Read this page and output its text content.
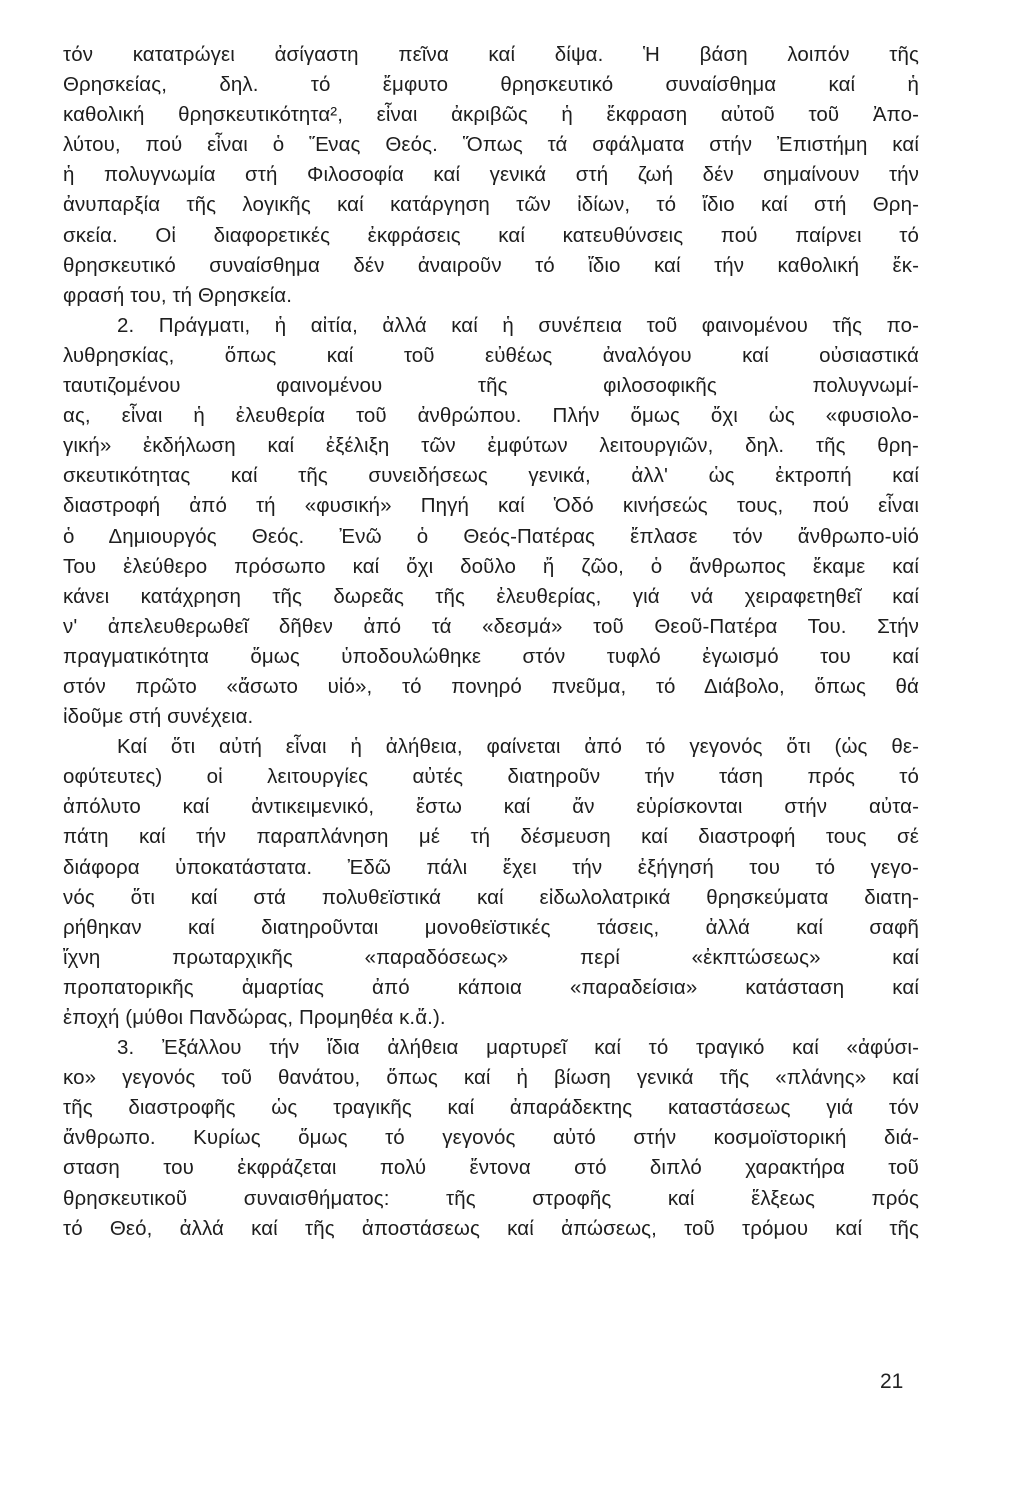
τόν κατατρώγει ἀσίγαστη πεῖνα καί δίψα. Ἡ βάση λοιπόν τῆς
Θρησκείας, δηλ. τό ἔμφυτο θρησκευτικό συναίσθημα καί ἡ
καθολική θρησκευτικότητα², εἶναι ἀκριβῶς ἡ ἔκφραση αὐτοῦ τοῦ Ἀπο-
λύτου, πού εἶναι ὁ Ἕνας Θεός. Ὅπως τά σφάλματα στήν Ἐπιστήμη καί
ἡ πολυγνωμία στή Φιλοσοφία καί γενικά στή ζωή δέν σημαίνουν τήν
ἀνυπαρξία τῆς λογικῆς καί κατάργηση τῶν ἰδίων, τό ἴδιο καί στή Θρη-
σκεία. Οἱ διαφορετικές ἐκφράσεις καί κατευθύνσεις πού παίρνει τό
θρησκευτικό συναίσθημα δέν ἀναιροῦν τό ἴδιο καί τήν καθολική ἔκ-
φρασή του, τή Θρησκεία.
2. Πράγματι, ἡ αἰτία, ἀλλά καί ἡ συνέπεια τοῦ φαινομένου τῆς πο-
λυθρησκίας, ὅπως καί τοῦ εὐθέως ἀναλόγου καί οὐσιαστικά
ταυτιζομένου φαινομένου τῆς φιλοσοφικῆς πολυγνωμί-
ας, εἶναι ἡ ἐλευθερία τοῦ ἀνθρώπου. Πλήν ὅμως ὄχι ὡς «φυσιολο-
γική» ἐκδήλωση καί ἐξέλιξη τῶν ἐμφύτων λειτουργιῶν, δηλ. τῆς θρη-
σκευτικότητας καί τῆς συνειδήσεως γενικά, ἀλλ' ὡς ἐκτροπή καί
διαστροφή ἀπό τή «φυσική» Πηγή καί Ὁδό κινήσεώς τους, πού εἶναι
ὁ Δημιουργός Θεός. Ἐνῶ ὁ Θεός-Πατέρας ἔπλασε τόν ἄνθρωπο-υἱό
Του ἐλεύθερο πρόσωπο καί ὄχι δοῦλο ἤ ζῶο, ὁ ἄνθρωπος ἔκαμε καί
κάνει κατάχρηση τῆς δωρεᾶς τῆς ἐλευθερίας, γιά νά χειραφετηθεῖ καί
ν' ἀπελευθερωθεῖ δῆθεν ἀπό τά «δεσμά» τοῦ Θεοῦ-Πατέρα Του. Στήν
πραγματικότητα ὅμως ὑποδουλώθηκε στόν τυφλό ἐγωισμό του καί
στόν πρῶτο «ἄσωτο υἱό», τό πονηρό πνεῦμα, τό Διάβολο, ὅπως θά
ἰδοῦμε στή συνέχεια.
Καί ὅτι αὐτή εἶναι ἡ ἀλήθεια, φαίνεται ἀπό τό γεγονός ὅτι (ὡς θε-
οφύτευτες) οἱ λειτουργίες αὐτές διατηροῦν τήν τάση πρός τό
ἀπόλυτο καί ἀντικειμενικό, ἔστω καί ἄν εὑρίσκονται στήν αὐτα-
πάτη καί τήν παραπλάνηση μέ τή δέσμευση καί διαστροφή τους σέ
διάφορα ὑποκατάστατα. Ἐδῶ πάλι ἔχει τήν ἐξήγησή του τό γεγο-
νός ὅτι καί στά πολυθεϊστικά καί εἰδωλολατρικά θρησκεύματα διατη-
ρήθηκαν καί διατηροῦνται μονοθεϊστικές τάσεις, ἀλλά καί σαφῆ
ἴχνη πρωταρχικῆς «παραδόσεως» περί «ἐκπτώσεως» καί
προπατορικῆς ἁμαρτίας ἀπό κάποια «παραδείσια» κατάσταση καί
ἐποχή (μύθοι Πανδώρας, Προμηθέα κ.ἄ.).
3. Ἐξάλλου τήν ἴδια ἀλήθεια μαρτυρεῖ καί τό τραγικό καί «ἀφύσι-
κο» γεγονός τοῦ θανάτου, ὅπως καί ἡ βίωση γενικά τῆς «πλάνης» καί
τῆς διαστροφῆς ὡς τραγικῆς καί ἀπαράδεκτης καταστάσεως γιά τόν
ἄνθρωπο. Κυρίως ὅμως τό γεγονός αὐτό στήν κοσμοϊστορική διά-
σταση του ἐκφράζεται πολύ ἔντονα στό διπλό χαρακτήρα τοῦ
θρησκευτικοῦ συναισθήματος: τῆς στροφῆς καί ἕλξεως πρός
τό Θεό, ἀλλά καί τῆς ἀποστάσεως καί ἀπώσεως, τοῦ τρόμου καί τῆς
21
